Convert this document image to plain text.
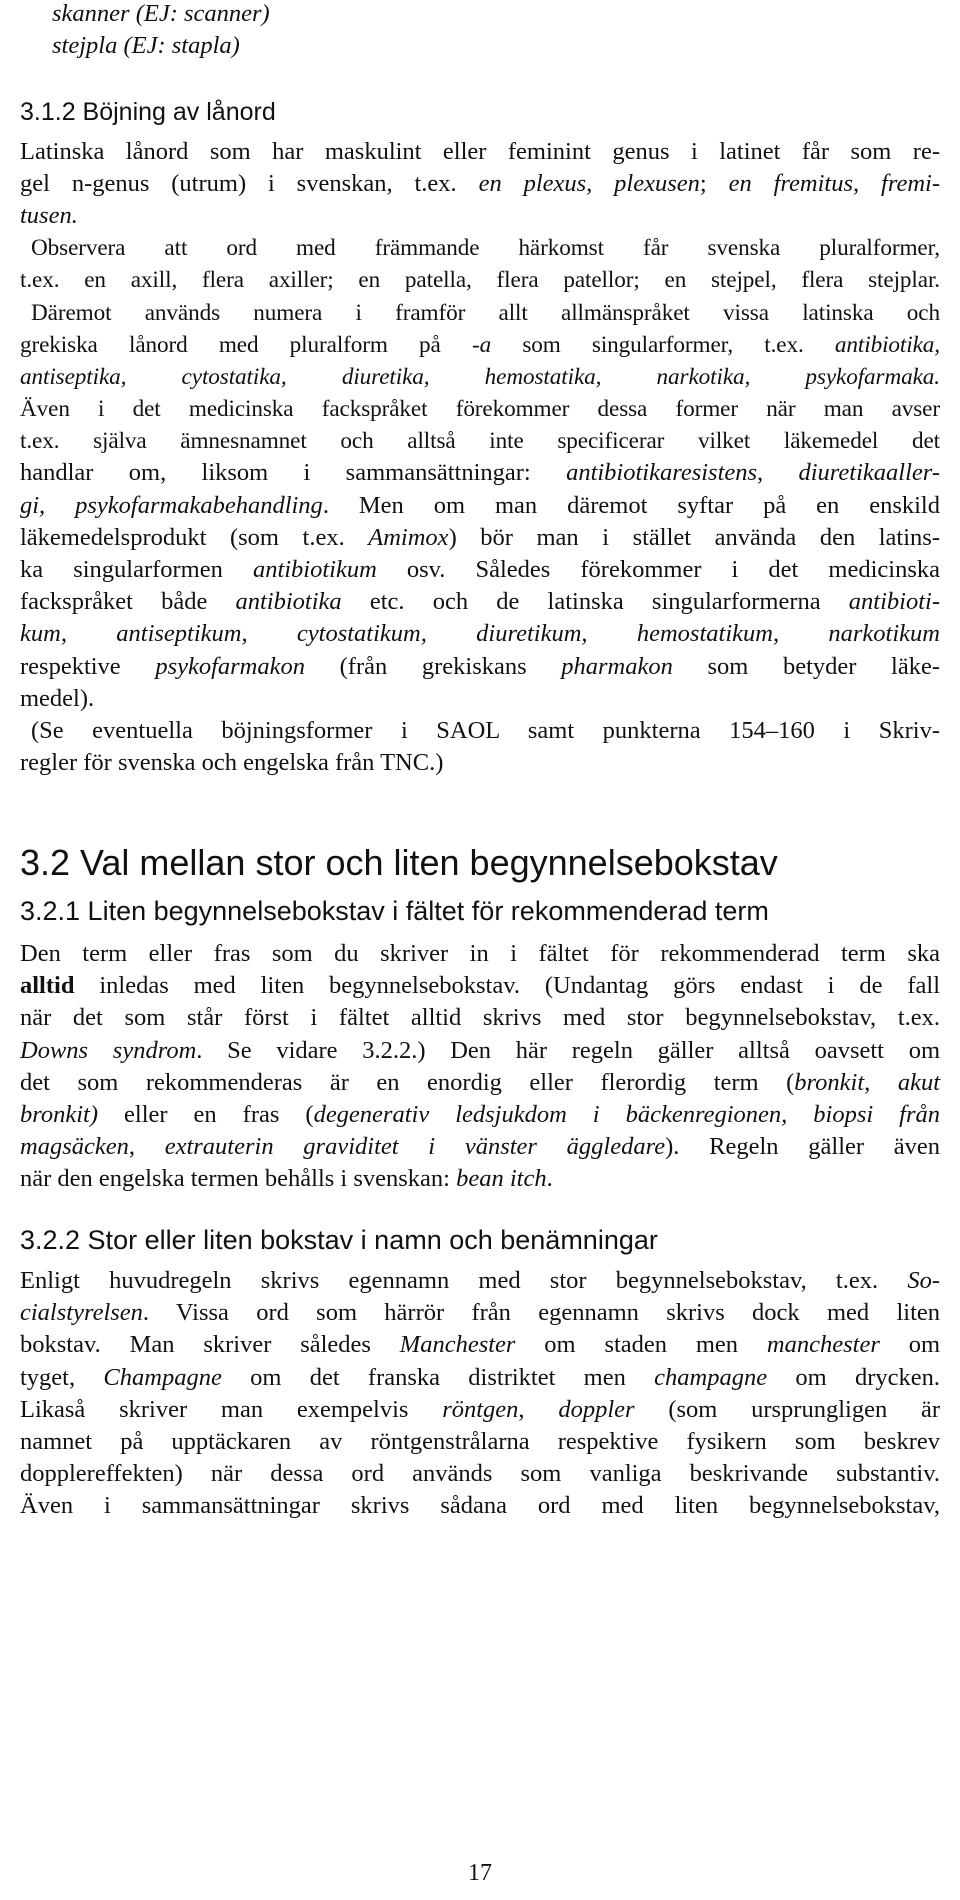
skanner (EJ: scanner)
stejpla (EJ: stapla)
3.1.2 Böjning av lånord
Latinska lånord som har maskulint eller feminint genus i latinet får som re-
gel n-genus (utrum) i svenskan, t.ex. en plexus, plexusen; en fremitus, fremi-
tusen.
Observera att ord med främmande härkomst får svenska pluralformer,
t.ex. en axill, flera axiller; en patella, flera patellor; en stejpel, flera stejplar.
Däremot används numera i framför allt allmänspråket vissa latinska och
grekiska lånord med pluralform på -a som singularformer, t.ex. antibiotika,
antiseptika, cytostatika, diuretika, hemostatika, narkotika, psykofarmaka.
Även i det medicinska fackspråket förekommer dessa former när man avser
t.ex. själva ämnesnamnet och alltså inte specificerar vilket läkemedel det
handlar om, liksom i sammansättningar: antibiotikaresistens, diuretikaaller-
gi, psykofarmakabehandling. Men om man däremot syftar på en enskild
läkemedelsprodukt (som t.ex. Amimox) bör man i stället använda den latins-
ka singularformen antibiotikum osv. Således förekommer i det medicinska
fackspråket både antibiotika etc. och de latinska singularformerna antibioti-
kum, antiseptikum, cytostatikum, diuretikum, hemostatikum, narkotikum
respektive psykofarmakon (från grekiskans pharmakon som betyder läke-
medel).
(Se eventuella böjningsformer i SAOL samt punkterna 154–160 i Skriv-
regler för svenska och engelska från TNC.)
3.2 Val mellan stor och liten begynnelsebokstav
3.2.1 Liten begynnelsebokstav i fältet för rekommenderad term
Den term eller fras som du skriver in i fältet för rekommenderad term ska
alltid inledas med liten begynnelsebokstav. (Undantag görs endast i de fall
när det som står först i fältet alltid skrivs med stor begynnelsebokstav, t.ex.
Downs syndrom. Se vidare 3.2.2.) Den här regeln gäller alltså oavsett om
det som rekommenderas är en enordig eller flerordig term (bronkit, akut
bronkit) eller en fras (degenerativ ledsjukdom i bäckenregionen, biopsi från
magsäcken, extrauterin graviditet i vänster äggledare). Regeln gäller även
när den engelska termen behålls i svenskan: bean itch.
3.2.2 Stor eller liten bokstav i namn och benämningar
Enligt huvudregeln skrivs egennamn med stor begynnelsebokstav, t.ex. So-
cialstyrelsen. Vissa ord som härrör från egennamn skrivs dock med liten
bokstav. Man skriver således Manchester om staden men manchester om
tyget, Champagne om det franska distriktet men champagne om drycken.
Likaså skriver man exempelvis röntgen, doppler (som ursprungligen är
namnet på upptäckaren av röntgenstrålarna respektive fysikern som beskrev
dopplereffekten) när dessa ord används som vanliga beskrivande substantiv.
Även i sammansättningar skrivs sådana ord med liten begynnelsebokstav,
17
